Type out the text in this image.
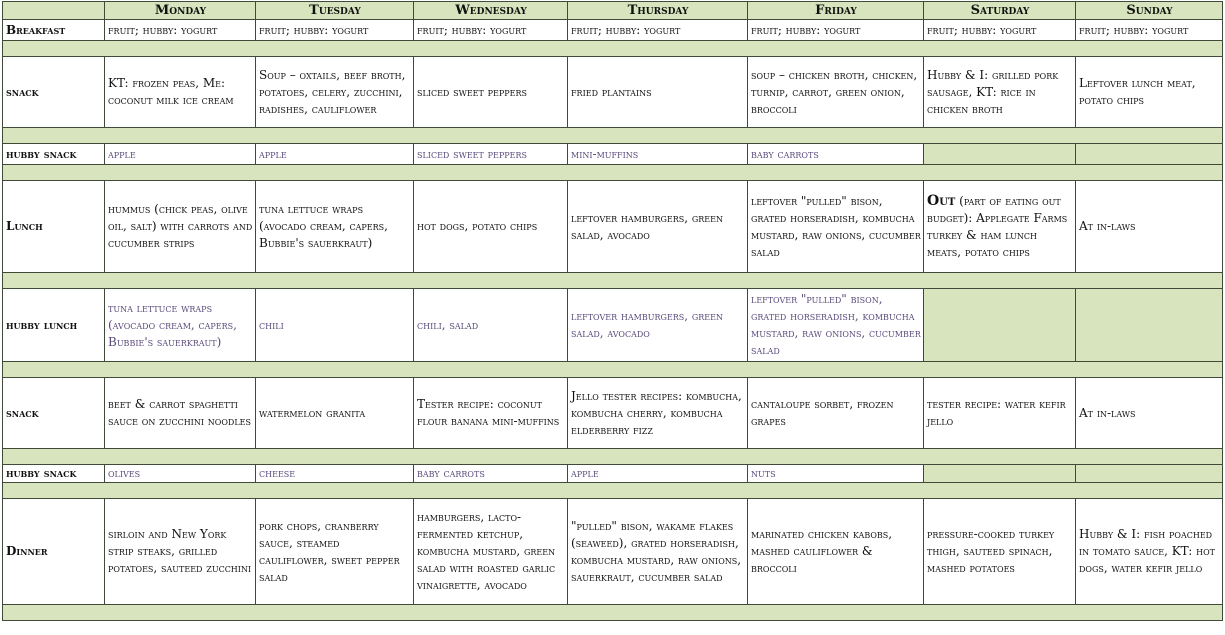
	Monday	Tuesday	Wednesday	Thursday	Friday	Saturday	Sunday
Breakfast	fruit; hubby: yogurt	fruit; hubby: yogurt	fruit; hubby: yogurt	fruit; hubby: yogurt	fruit; hubby: yogurt	fruit; hubby: yogurt	fruit; hubby: yogurt

snack	KT: frozen peas, Me: coconut milk ice cream	Soup – oxtails, beef broth, potatoes, celery, zucchini, radishes, cauliflower	sliced sweet peppers	fried plantains	soup – chicken broth, chicken, turnip, carrot, green onion, broccoli	Hubby & I: grilled pork sausage, KT: rice in chicken broth	Leftover lunch meat, potato chips

hubby snack	apple	apple	sliced sweet peppers	mini-muffins	baby carrots		

Lunch	hummus (chick peas, olive oil, salt) with carrots and cucumber strips	tuna lettuce wraps (avocado cream, capers, Bubbie's sauerkraut)	hot dogs, potato chips	leftover hamburgers, green salad, avocado	leftover "pulled" bison, grated horseradish, kombucha mustard, raw onions, cucumber salad	Out (part of eating out budget): Applegate Farms turkey & ham lunch meats, potato chips	At in-laws

hubby lunch	tuna lettuce wraps (avocado cream, capers, Bubbie's sauerkraut)	chili	chili, salad	leftover hamburgers, green salad, avocado	leftover "pulled" bison, grated horseradish, kombucha mustard, raw onions, cucumber salad		

snack	beet & carrot spaghetti sauce on zucchini noodles	watermelon granita	Tester recipe: coconut flour banana mini-muffins	Jello tester recipes: kombucha, kombucha cherry, kombucha elderberry fizz	cantaloupe sorbet, frozen grapes	tester recipe: water kefir jello	At in-laws

hubby snack	olives	cheese	baby carrots	apple	nuts		

Dinner	sirloin and New York strip steaks, grilled potatoes, sauteed zucchini	pork chops, cranberry sauce, steamed cauliflower, sweet pepper salad	hamburgers, lacto-fermented ketchup, kombucha mustard, green salad with roasted garlic vinaigrette, avocado	"pulled" bison, wakame flakes (seaweed), grated horseradish, kombucha mustard, raw onions, sauerkraut, cucumber salad	marinated chicken kabobs, mashed cauliflower & broccoli	pressure-cooked turkey thigh, sauteed spinach, mashed potatoes	Hubby & I: fish poached in tomato sauce, KT: hot dogs, water kefir jello
